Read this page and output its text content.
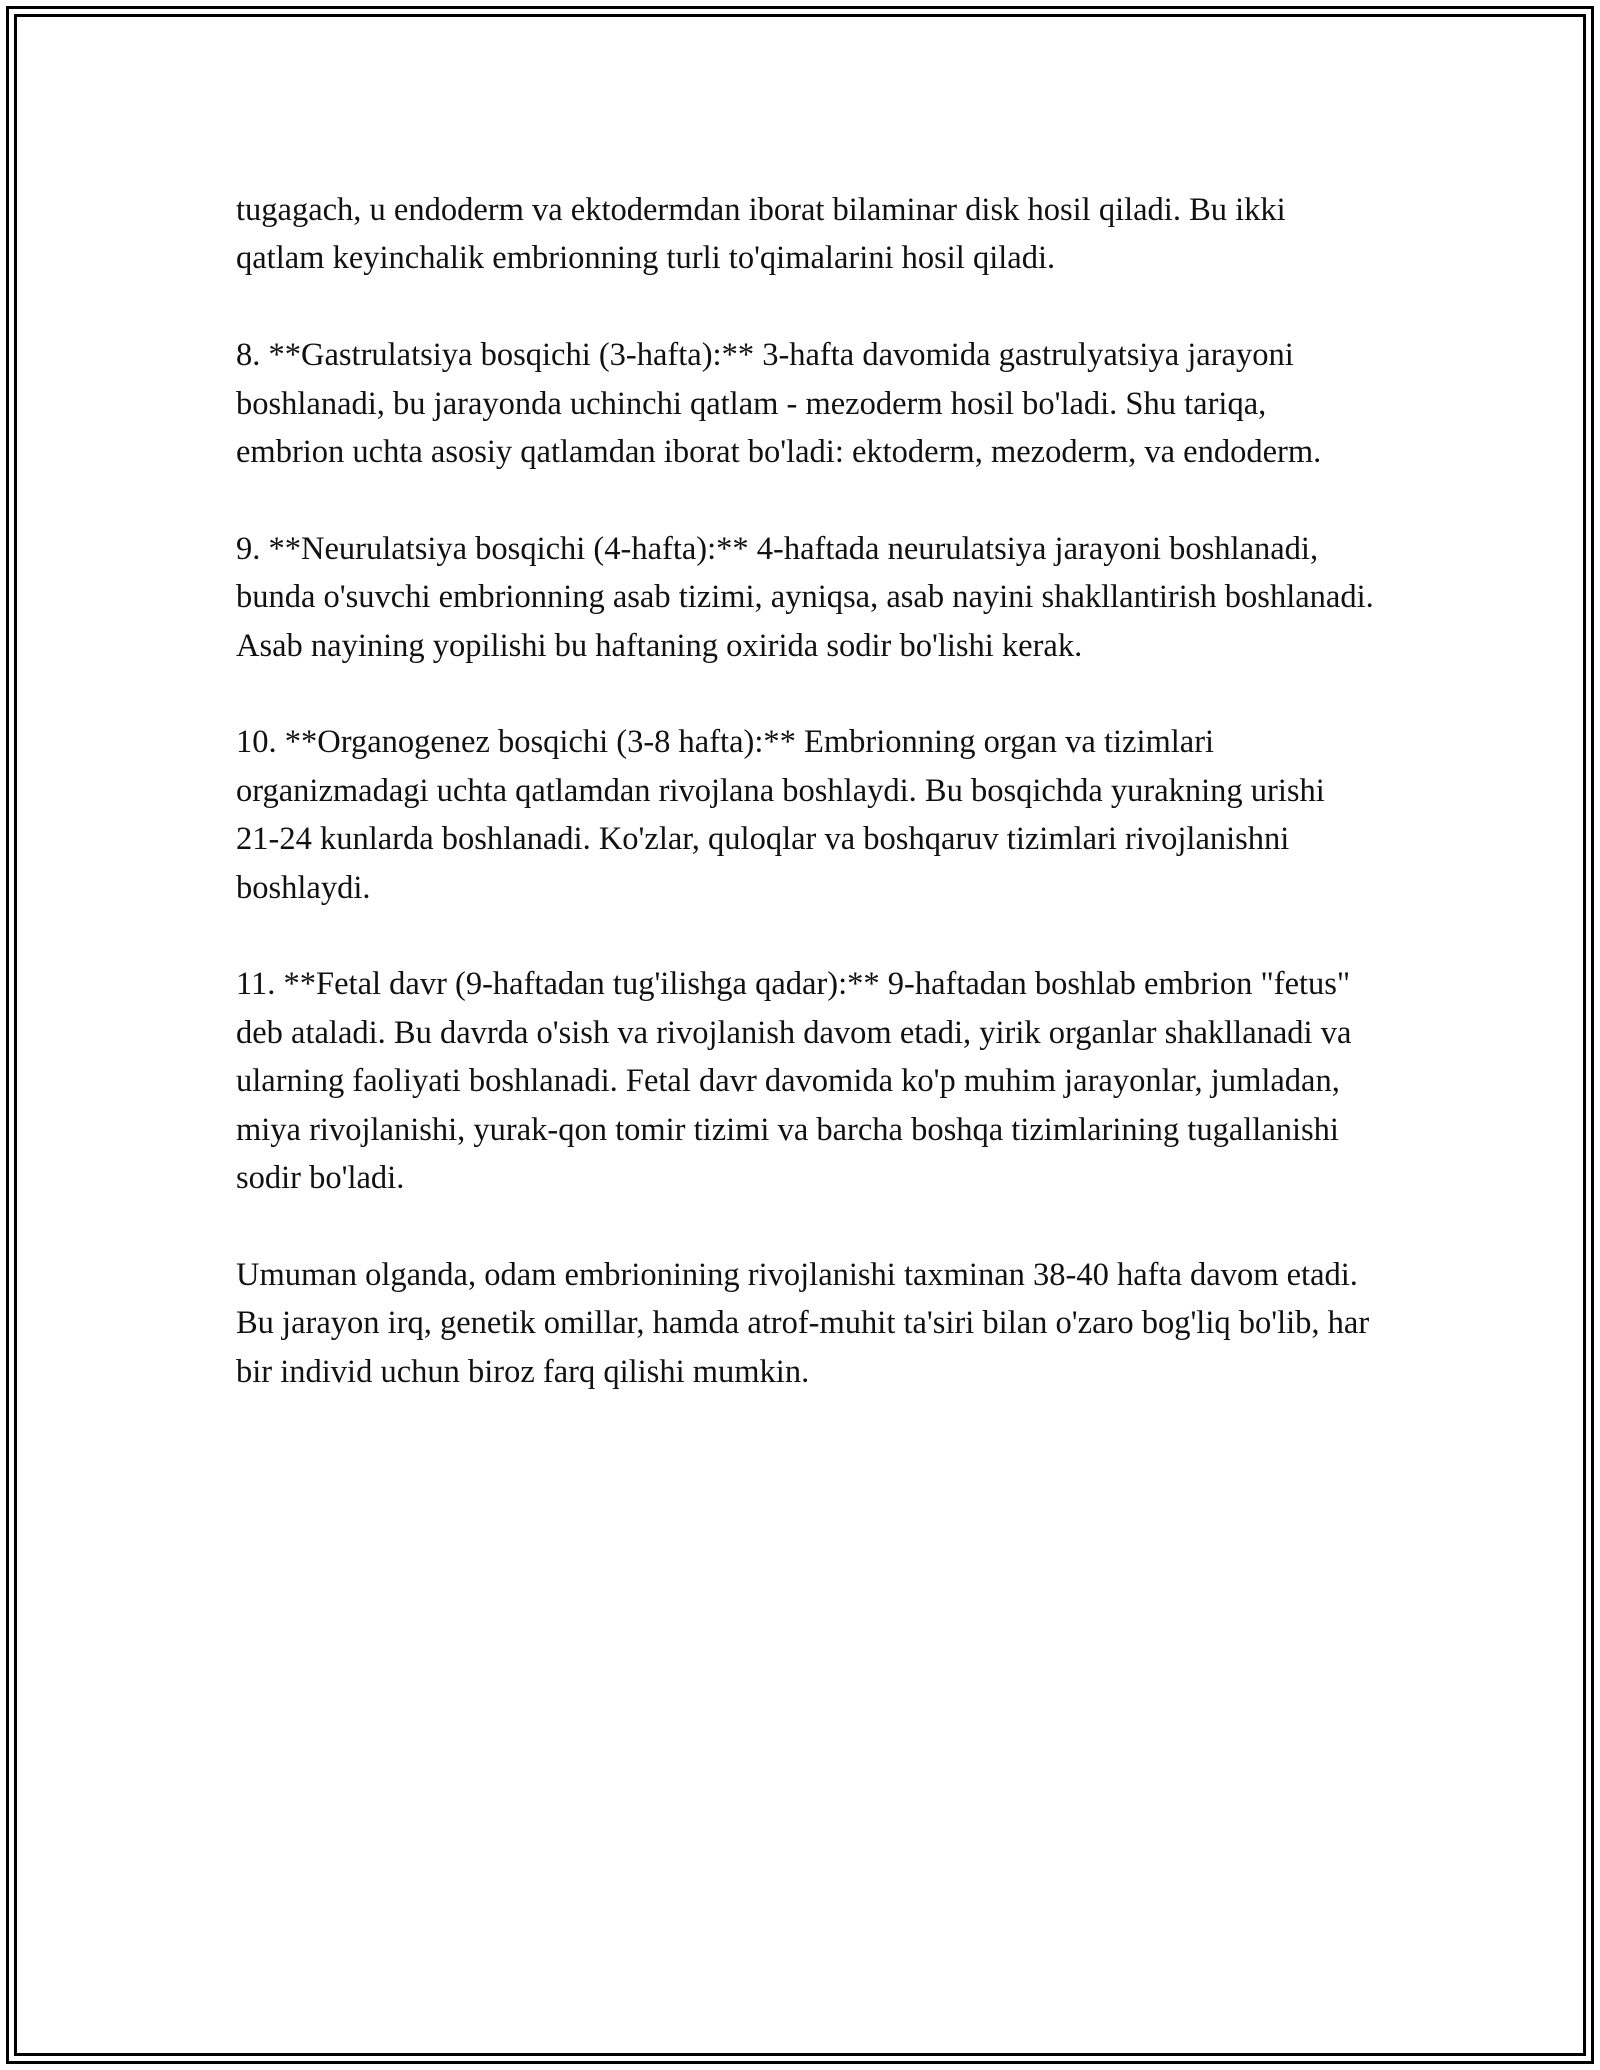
tugagach, u endoderm va ektodermdan iborat bilaminar disk hosil qiladi. Bu ikki qatlam keyinchalik embrionning turli to'qimalarini hosil qiladi.

8. **Gastrulatsiya bosqichi (3-hafta):** 3-hafta davomida gastrulyatsiya jarayoni boshlanadi, bu jarayonda uchinchi qatlam - mezoderm hosil bo'ladi. Shu tariqa, embrion uchta asosiy qatlamdan iborat bo'ladi: ektoderm, mezoderm, va endoderm.

9. **Neurulatsiya bosqichi (4-hafta):** 4-haftada neurulatsiya jarayoni boshlanadi, bunda o'suvchi embrionning asab tizimi, ayniqsa, asab nayini shakllantirish boshlanadi. Asab nayining yopilishi bu haftaning oxirida sodir bo'lishi kerak.

10. **Organogenez bosqichi (3-8 hafta):** Embrionning organ va tizimlari organizmadagi uchta qatlamdan rivojlana boshlaydi. Bu bosqichda yurakning urishi 21-24 kunlarda boshlanadi. Ko'zlar, quloqlar va boshqaruv tizimlari rivojlanishni boshlaydi.

11. **Fetal davr (9-haftadan tug'ilishga qadar):** 9-haftadan boshlab embrion "fetus" deb ataladi. Bu davrda o'sish va rivojlanish davom etadi, yirik organlar shakllanadi va ularning faoliyati boshlanadi. Fetal davr davomida ko'p muhim jarayonlar, jumladan, miya rivojlanishi, yurak-qon tomir tizimi va barcha boshqa tizimlarining tugallanishi sodir bo'ladi.

Umuman olganda, odam embrionining rivojlanishi taxminan 38-40 hafta davom etadi. Bu jarayon irq, genetik omillar, hamda atrof-muhit ta'siri bilan o'zaro bog'liq bo'lib, har bir individ uchun biroz farq qilishi mumkin.
